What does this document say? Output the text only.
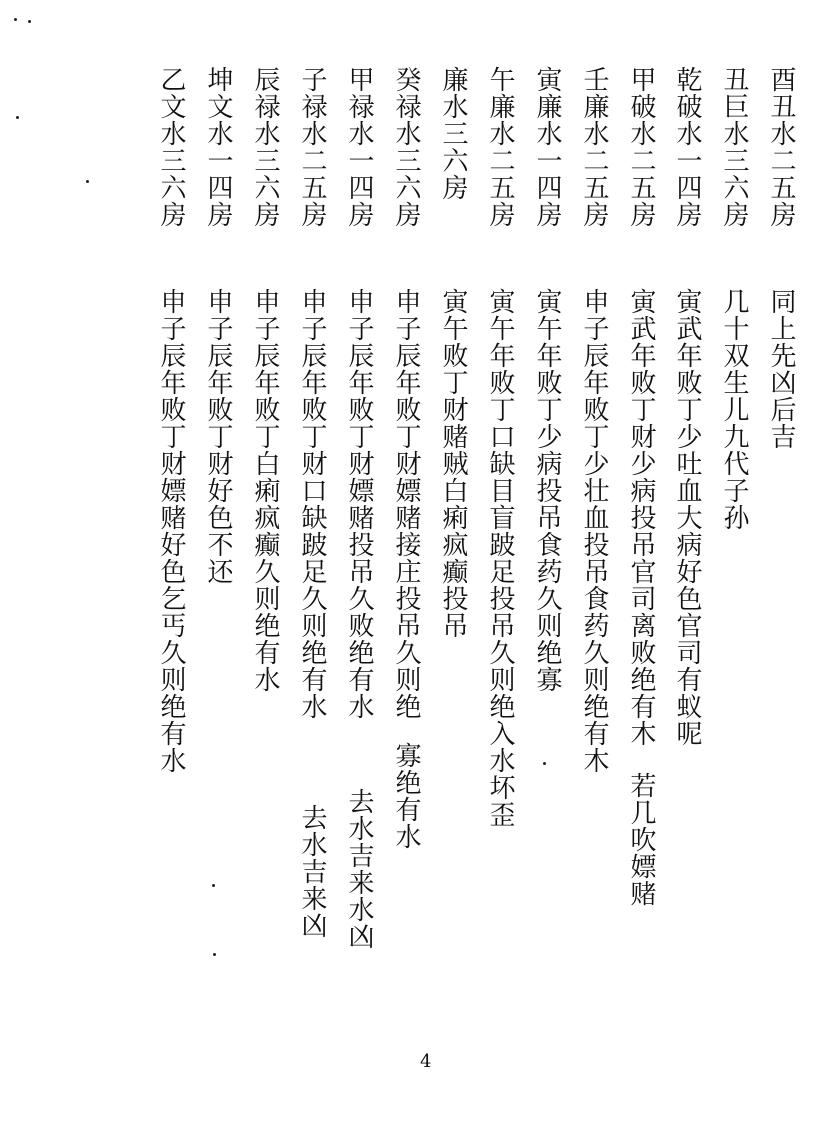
酉丑水二五房
丑巨水三六房
乾破水一四房
甲破水二五房
壬廉水二五房
寅廉水一四房
午廉水二五房
廉水三六房
癸禄水三六房
甲禄水一四房
子禄水二五房
辰禄水三六房
坤文水一四房
乙文水三六房
同上先凶后吉
几十双生儿九代子孙
寅武年败丁少吐血大病好色官司有蚁呢
寅武年败丁财少病投吊官司离败绝有木
申子辰年败丁少壮血投吊食药久则绝有木
寅午年败丁少病投吊食药久则绝寡
寅午年败丁口缺目盲跛足投吊久则绝入水坏歪
寅午败丁财赌贼白痢疯癫投吊
申子辰年败丁财嫖赌接庄投吊久则绝
申子辰年败丁财嫖赌投吊久败绝有水
申子辰年败丁财口缺跛足久则绝有水
申子辰年败丁白痢疯癫久则绝有水
申子辰年败丁财好色不还
申子辰年败丁财嫖赌好色乞丐久则绝有水
若几吹嫖赌
寡绝有水
去水吉来水凶
去水吉来凶
4
